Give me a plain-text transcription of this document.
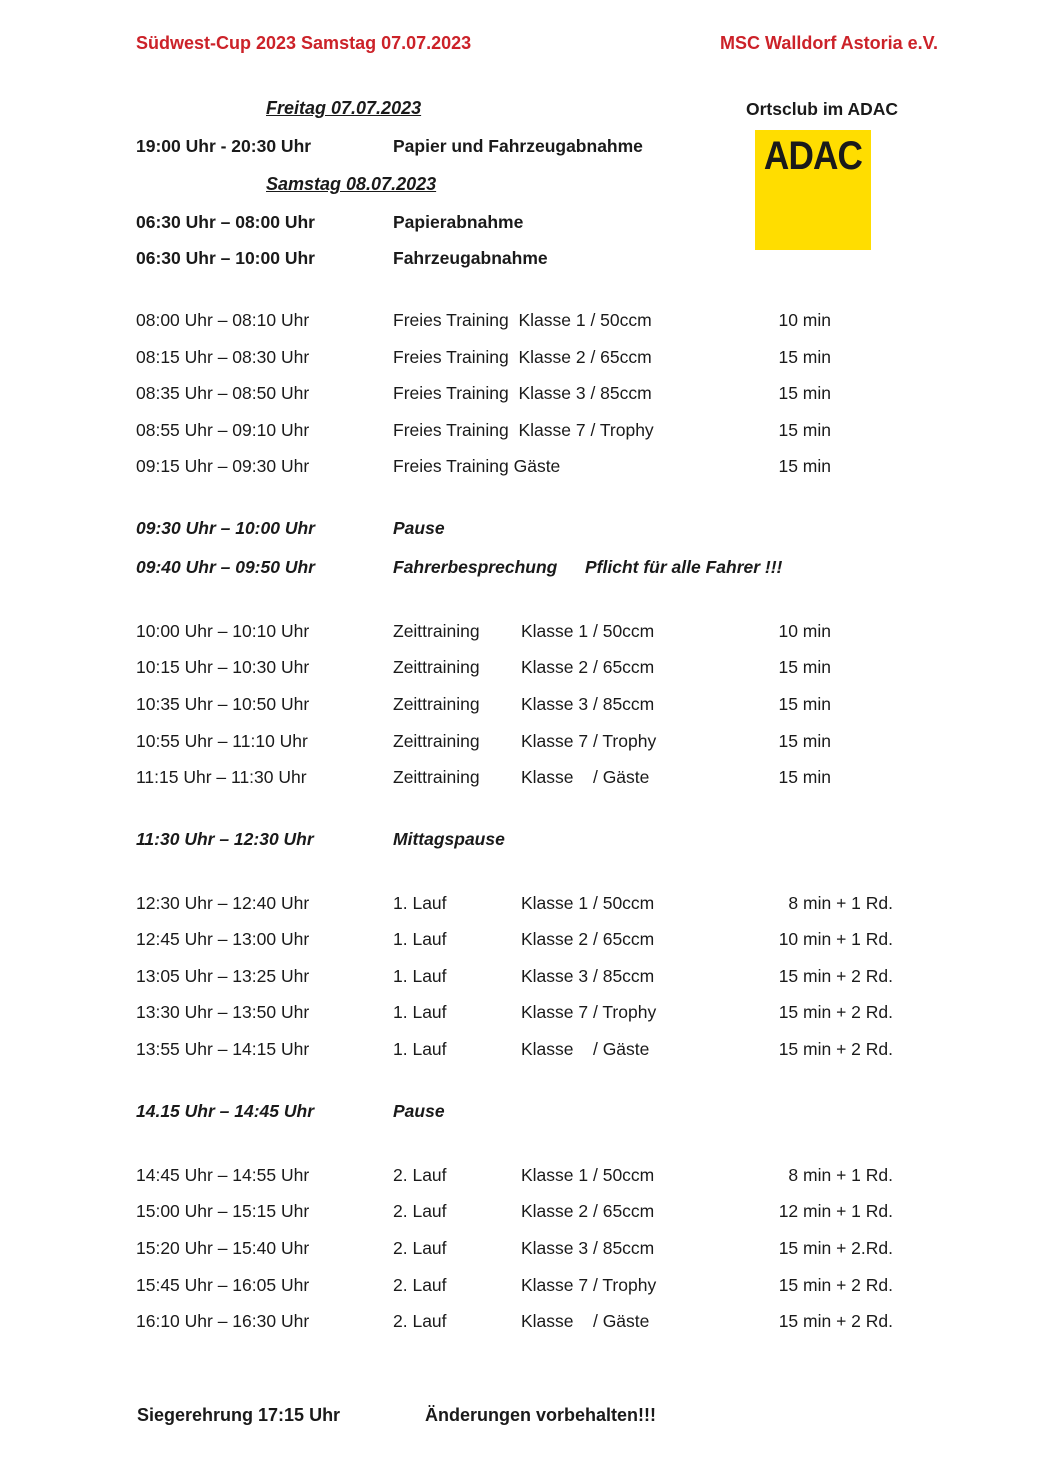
Südwest-Cup 2023 Samstag 07.07.2023	MSC Walldorf Astoria e.V.
Ortsclub im ADAC
ADAC
Freitag 07.07.2023
19:00 Uhr - 20:30 Uhr	Papier und Fahrzeugabnahme
Samstag 08.07.2023
06:30 Uhr – 08:00 Uhr	Papierabnahme
06:30 Uhr – 10:00 Uhr	Fahrzeugabnahme
08:00 Uhr – 08:10 Uhr	Freies Training  Klasse 1 / 50ccm	10 min
08:15 Uhr – 08:30 Uhr	Freies Training  Klasse 2 / 65ccm	15 min
08:35 Uhr – 08:50 Uhr	Freies Training  Klasse 3 / 85ccm	15 min
08:55 Uhr – 09:10 Uhr	Freies Training  Klasse 7 / Trophy	15 min
09:15 Uhr – 09:30 Uhr	Freies Training Gäste	15 min
09:30 Uhr – 10:00 Uhr	Pause
09:40 Uhr – 09:50 Uhr	Fahrerbesprechung Pflicht für alle Fahrer !!!
10:00 Uhr – 10:10 Uhr	Zeittraining Klasse 1 / 50ccm	10 min
10:15 Uhr – 10:30 Uhr	Zeittraining Klasse 2 / 65ccm	15 min
10:35 Uhr – 10:50 Uhr	Zeittraining Klasse 3 / 85ccm	15 min
10:55 Uhr – 11:10 Uhr	Zeittraining Klasse 7 / Trophy	15 min
11:15 Uhr – 11:30 Uhr	Zeittraining Klasse    / Gäste	15 min
11:30 Uhr – 12:30 Uhr	Mittagspause
12:30 Uhr – 12:40 Uhr	1. Lauf	Klasse 1 / 50ccm	8 min + 1 Rd.
12:45 Uhr – 13:00 Uhr	1. Lauf	Klasse 2 / 65ccm	10 min + 1 Rd.
13:05 Uhr – 13:25 Uhr	1. Lauf	Klasse 3 / 85ccm	15 min + 2 Rd.
13:30 Uhr – 13:50 Uhr	1. Lauf	Klasse 7 / Trophy	15 min + 2 Rd.
13:55 Uhr – 14:15 Uhr	1. Lauf	Klasse    / Gäste	15 min + 2 Rd.
14.15 Uhr – 14:45 Uhr	Pause
14:45 Uhr – 14:55 Uhr	2. Lauf	Klasse 1 / 50ccm	8 min + 1 Rd.
15:00 Uhr – 15:15 Uhr	2. Lauf	Klasse 2 / 65ccm	12 min + 1 Rd.
15:20 Uhr – 15:40 Uhr	2. Lauf	Klasse 3 / 85ccm	15 min + 2.Rd.
15:45 Uhr – 16:05 Uhr	2. Lauf	Klasse 7 / Trophy	15 min + 2 Rd.
16:10 Uhr – 16:30 Uhr	2. Lauf	Klasse    / Gäste	15 min + 2 Rd.
Siegerehrung 17:15 Uhr	Änderungen vorbehalten!!!
